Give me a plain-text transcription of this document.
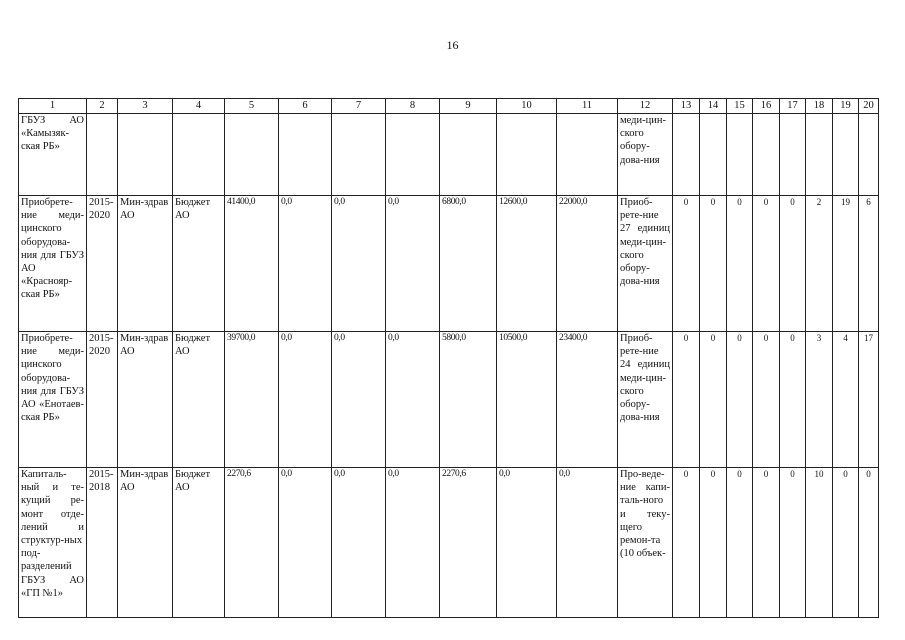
16
1	2	3	4	5	6	7	8	9	10	11	12	13	14	15	16	17	18	19	20
ГБУЗ АО «Камызяк-ская РБ»											меди-цин-ского обору-дова-ния								
Приобрете-ние меди-цинского оборудова-ния для ГБУЗ АО «Краснояр-ская РБ»	2015-2020	Мин-здрав АО	Бюджет АО	41400,0	0,0	0,0	0,0	6800,0	12600,0	22000,0	Приоб-рете-ние 27 единиц меди-цин-ского обору-дова-ния	0	0	0	0	0	2	19	6
Приобрете-ние меди-цинского оборудова-ния для ГБУЗ АО «Енотаев-ская РБ»	2015-2020	Мин-здрав АО	Бюджет АО	39700,0	0,0	0,0	0,0	5800,0	10500,0	23400,0	Приоб-рете-ние 24 единиц меди-цин-ского обору-дова-ния	0	0	0	0	0	3	4	17
Капиталь-ный и те-кущий ре-монт отде-лений и структур-ных под-разделений ГБУЗ АО «ГП №1»	2015-2018	Мин-здрав АО	Бюджет АО	2270,6	0,0	0,0	0,0	2270,6	0,0	0,0	Про-веде-ние капи-таль-ного и теку-щего ремон-та (10 объек-	0	0	0	0	0	10	0	0
